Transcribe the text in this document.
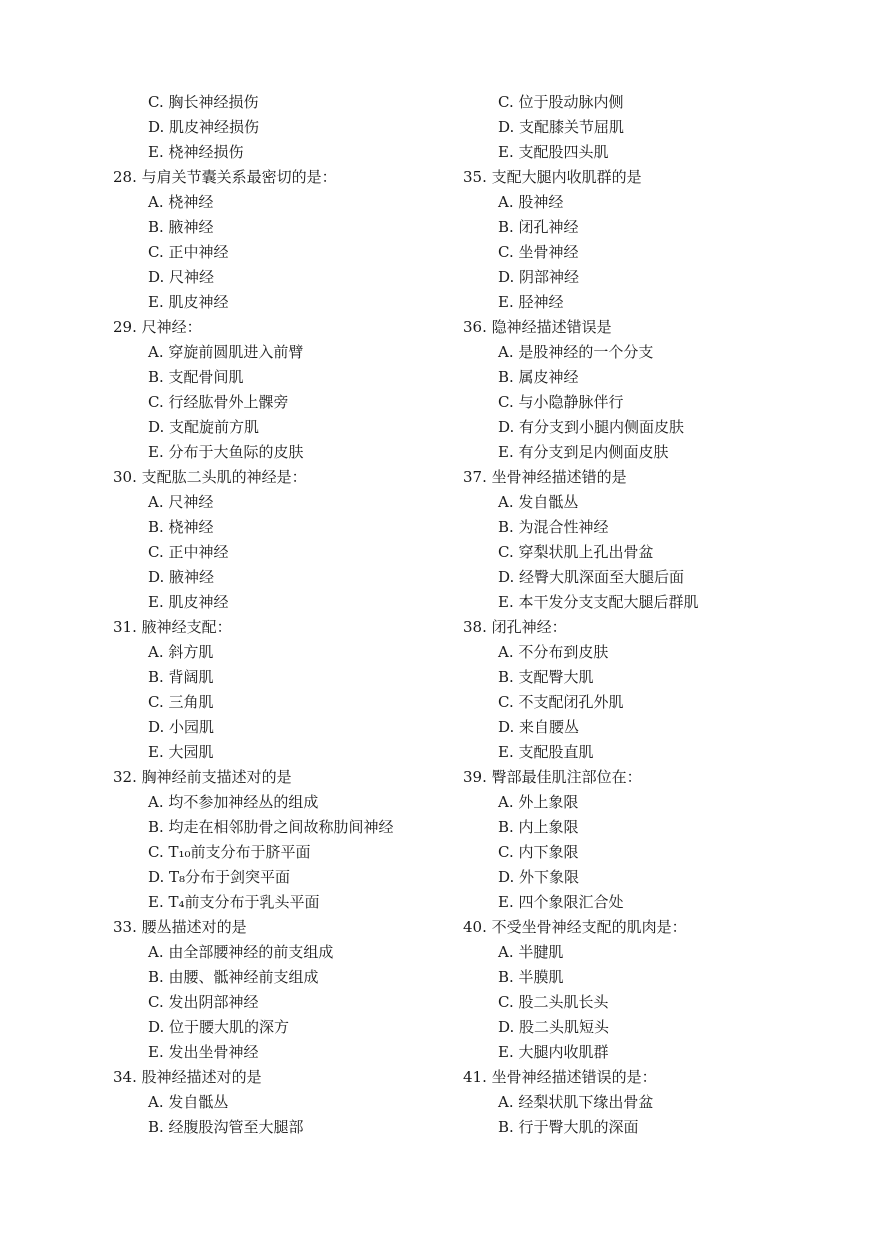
C. 胸长神经损伤
D. 肌皮神经损伤
E. 桡神经损伤
28. 与肩关节囊关系最密切的是：
A. 桡神经
B. 腋神经
C. 正中神经
D. 尺神经
E. 肌皮神经
29. 尺神经：
A. 穿旋前圆肌进入前臂
B. 支配骨间肌
C. 行经肱骨外上髁旁
D. 支配旋前方肌
E. 分布于大鱼际的皮肤
30. 支配肱二头肌的神经是：
A. 尺神经
B. 桡神经
C. 正中神经
D. 腋神经
E. 肌皮神经
31. 腋神经支配：
A. 斜方肌
B. 背阔肌
C. 三角肌
D. 小园肌
E. 大园肌
32. 胸神经前支描述对的是
A. 均不参加神经丛的组成
B. 均走在相邻肋骨之间故称肋间神经
C. T₁₀前支分布于脐平面
D. T₈分布于剑突平面
E. T₄前支分布于乳头平面
33. 腰丛描述对的是
A. 由全部腰神经的前支组成
B. 由腰、骶神经前支组成
C. 发出阴部神经
D. 位于腰大肌的深方
E. 发出坐骨神经
34. 股神经描述对的是
A. 发自骶丛
B. 经腹股沟管至大腿部
C. 位于股动脉内侧
D. 支配膝关节屈肌
E. 支配股四头肌
35. 支配大腿内收肌群的是
A. 股神经
B. 闭孔神经
C. 坐骨神经
D. 阴部神经
E. 胫神经
36. 隐神经描述错误是
A. 是股神经的一个分支
B. 属皮神经
C. 与小隐静脉伴行
D. 有分支到小腿内侧面皮肤
E. 有分支到足内侧面皮肤
37. 坐骨神经描述错的是
A. 发自骶丛
B. 为混合性神经
C. 穿梨状肌上孔出骨盆
D. 经臀大肌深面至大腿后面
E. 本干发分支支配大腿后群肌
38. 闭孔神经：
A. 不分布到皮肤
B. 支配臀大肌
C. 不支配闭孔外肌
D. 来自腰丛
E. 支配股直肌
39. 臀部最佳肌注部位在：
A. 外上象限
B. 内上象限
C. 内下象限
D. 外下象限
E. 四个象限汇合处
40. 不受坐骨神经支配的肌肉是：
A. 半腱肌
B. 半膜肌
C. 股二头肌长头
D. 股二头肌短头
E. 大腿内收肌群
41. 坐骨神经描述错误的是：
A. 经梨状肌下缘出骨盆
B. 行于臀大肌的深面
